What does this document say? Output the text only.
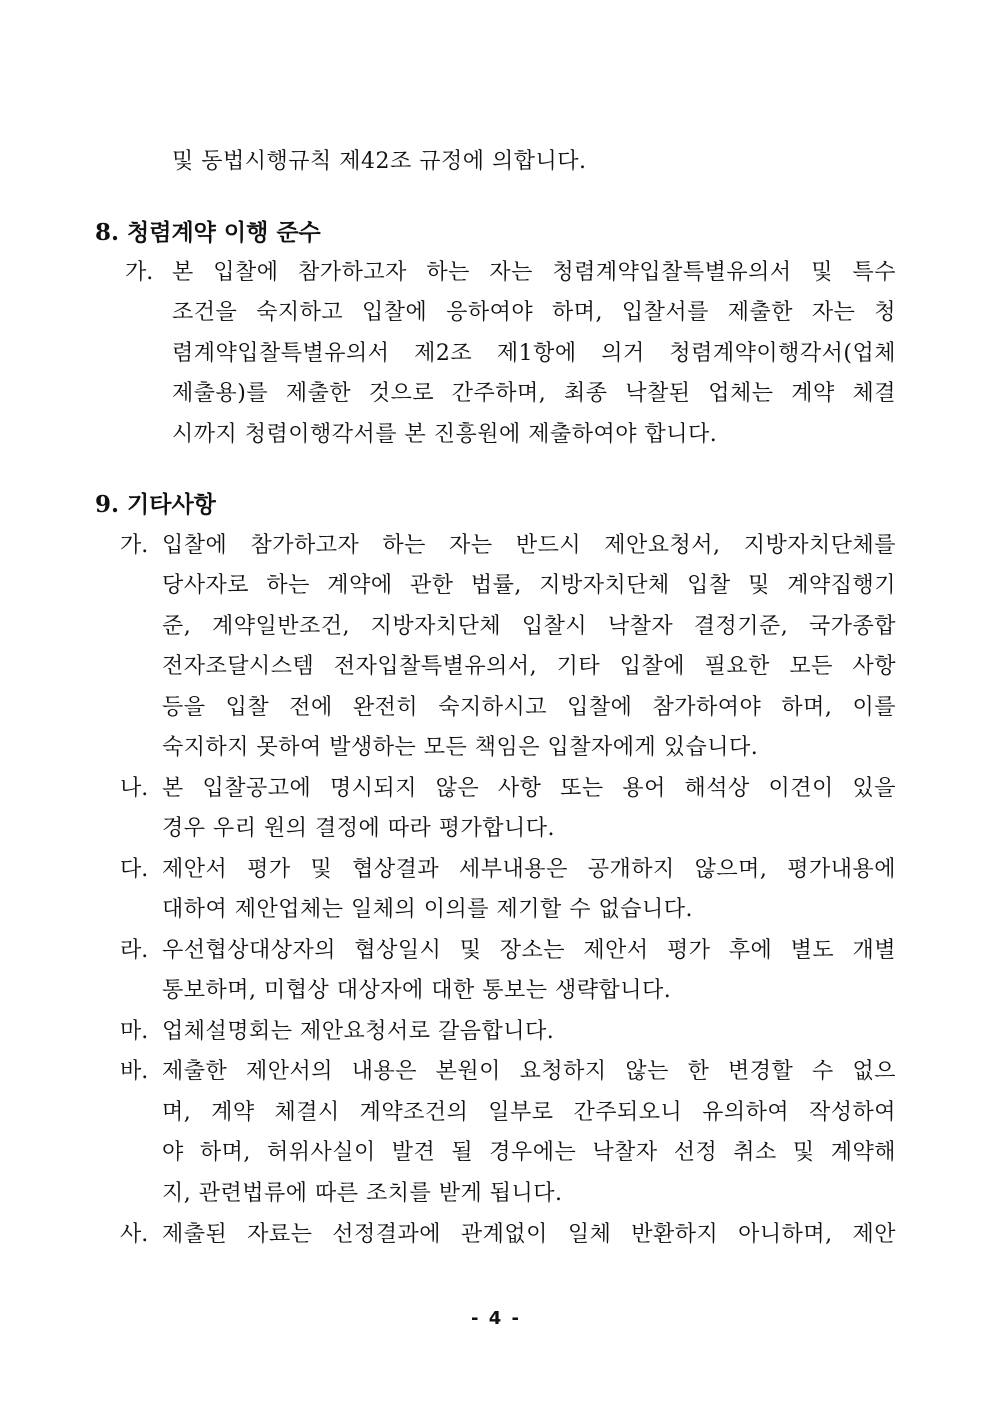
및 동법시행규칙 제42조 규정에 의합니다.
8. 청렴계약 이행 준수
가. 본 입찰에 참가하고자 하는 자는 청렴계약입찰특별유의서 및 특수
조건을 숙지하고 입찰에 응하여야 하며, 입찰서를 제출한 자는 청
렴계약입찰특별유의서 제2조 제1항에 의거 청렴계약이행각서(업체
제출용)를 제출한 것으로 간주하며, 최종 낙찰된 업체는 계약 체결
시까지 청렴이행각서를 본 진흥원에 제출하여야 합니다.
9. 기타사항
가. 입찰에 참가하고자 하는 자는 반드시 제안요청서, 지방자치단체를
당사자로 하는 계약에 관한 법률, 지방자치단체 입찰 및 계약집행기
준, 계약일반조건, 지방자치단체 입찰시 낙찰자 결정기준, 국가종합
전자조달시스템 전자입찰특별유의서, 기타 입찰에 필요한 모든 사항
등을 입찰 전에 완전히 숙지하시고 입찰에 참가하여야 하며, 이를
숙지하지 못하여 발생하는 모든 책임은 입찰자에게 있습니다.
나. 본 입찰공고에 명시되지 않은 사항 또는 용어 해석상 이견이 있을
경우 우리 원의 결정에 따라 평가합니다.
다. 제안서 평가 및 협상결과 세부내용은 공개하지 않으며, 평가내용에
대하여 제안업체는 일체의 이의를 제기할 수 없습니다.
라. 우선협상대상자의 협상일시 및 장소는 제안서 평가 후에 별도 개별
통보하며, 미협상 대상자에 대한 통보는 생략합니다.
마. 업체설명회는 제안요청서로 갈음합니다.
바. 제출한 제안서의 내용은 본원이 요청하지 않는 한 변경할 수 없으
며, 계약 체결시 계약조건의 일부로 간주되오니 유의하여 작성하여
야 하며, 허위사실이 발견 될 경우에는 낙찰자 선정 취소 및 계약해
지, 관련법류에 따른 조치를 받게 됩니다.
사. 제출된 자료는 선정결과에 관계없이 일체 반환하지 아니하며, 제안
- 4 -
